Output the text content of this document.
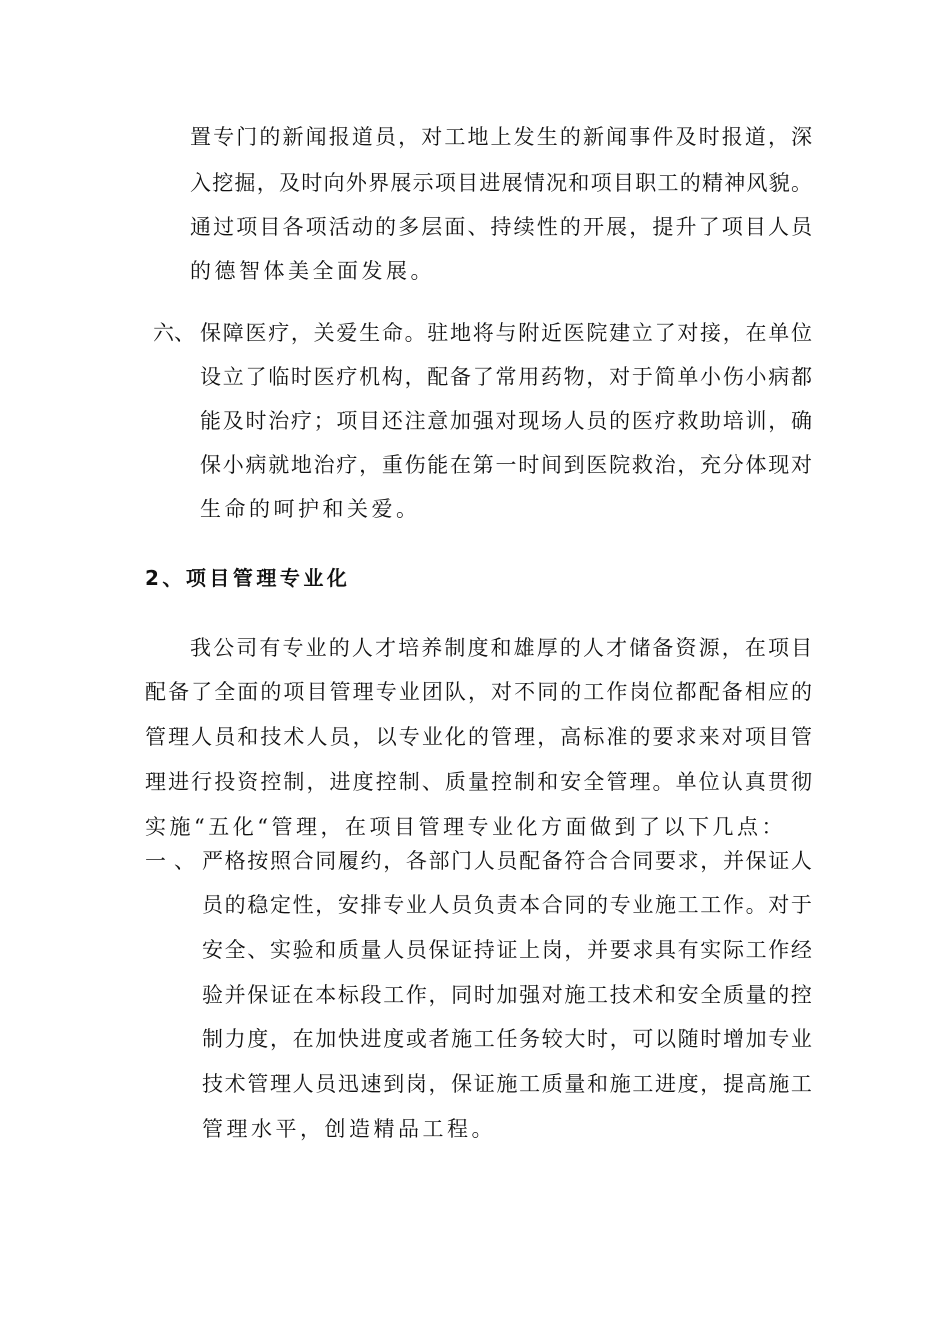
置专门的新闻报道员，对工地上发生的新闻事件及时报道，深
入挖掘，及时向外界展示项目进展情况和项目职工的精神风貌。
通过项目各项活动的多层面、持续性的开展，提升了项目人员
的德智体美全面发展。
六、 保障医疗，关爱生命。驻地将与附近医院建立了对接，在单位
设立了临时医疗机构，配备了常用药物，对于简单小伤小病都
能及时治疗；项目还注意加强对现场人员的医疗救助培训，确
保小病就地治疗，重伤能在第一时间到医院救治，充分体现对
生命的呵护和关爱。
2、项目管理专业化
我公司有专业的人才培养制度和雄厚的人才储备资源，在项目
配备了全面的项目管理专业团队，对不同的工作岗位都配备相应的
管理人员和技术人员，以专业化的管理，高标准的要求来对项目管
理进行投资控制，进度控制、质量控制和安全管理。单位认真贯彻
实施“五化“管理，在项目管理专业化方面做到了以下几点：
一、 严格按照合同履约，各部门人员配备符合合同要求，并保证人
员的稳定性，安排专业人员负责本合同的专业施工工作。对于
安全、实验和质量人员保证持证上岗，并要求具有实际工作经
验并保证在本标段工作，同时加强对施工技术和安全质量的控
制力度，在加快进度或者施工任务较大时，可以随时增加专业
技术管理人员迅速到岗，保证施工质量和施工进度，提高施工
管理水平，创造精品工程。
